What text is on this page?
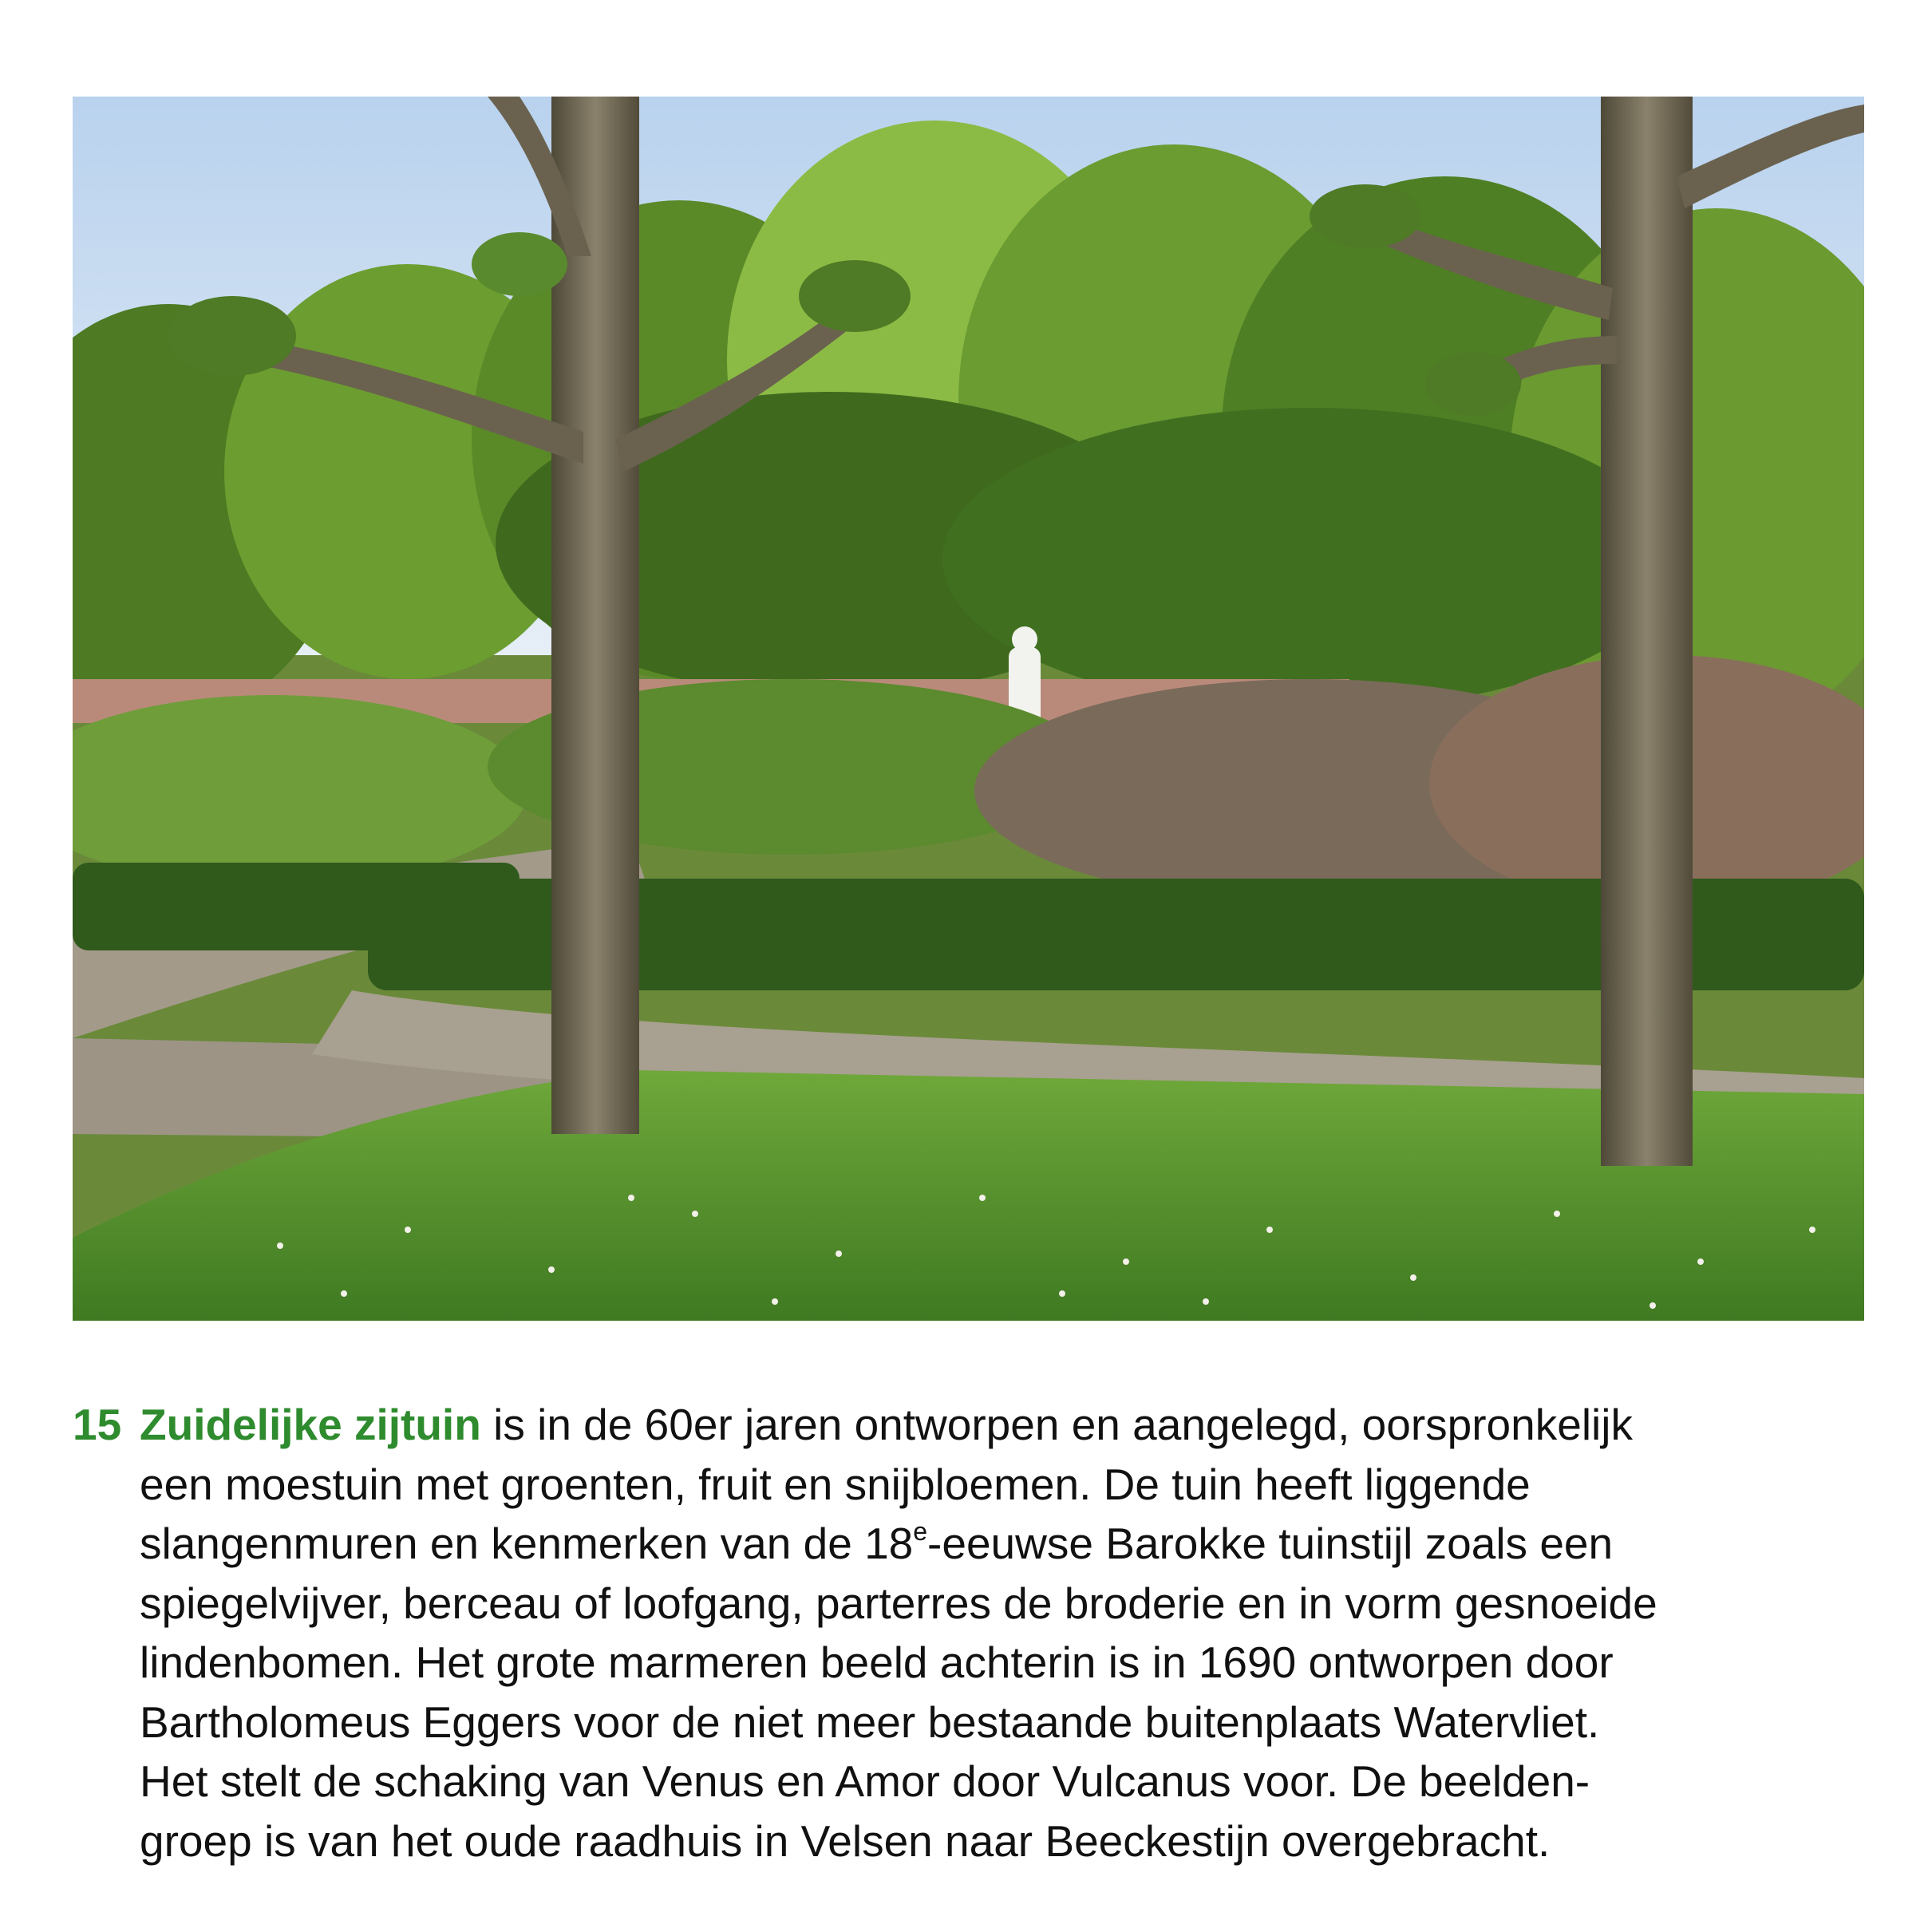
15 Zuidelijke zijtuin is in de 60er jaren ontworpen en aangelegd, oorspronkelijk
een moestuin met groenten, fruit en snijbloemen. De tuin heeft liggende
slangenmuren en kenmerken van de 18e-eeuwse Barokke tuinstijl zoals een
spiegelvijver, berceau of loofgang, parterres de broderie en in vorm gesnoeide
lindenbomen. Het grote marmeren beeld achterin is in 1690 ontworpen door
Bartholomeus Eggers voor de niet meer bestaande buitenplaats Watervliet.
Het stelt de schaking van Venus en Amor door Vulcanus voor. De beelden-
groep is van het oude raadhuis in Velsen naar Beeckestijn overgebracht.
